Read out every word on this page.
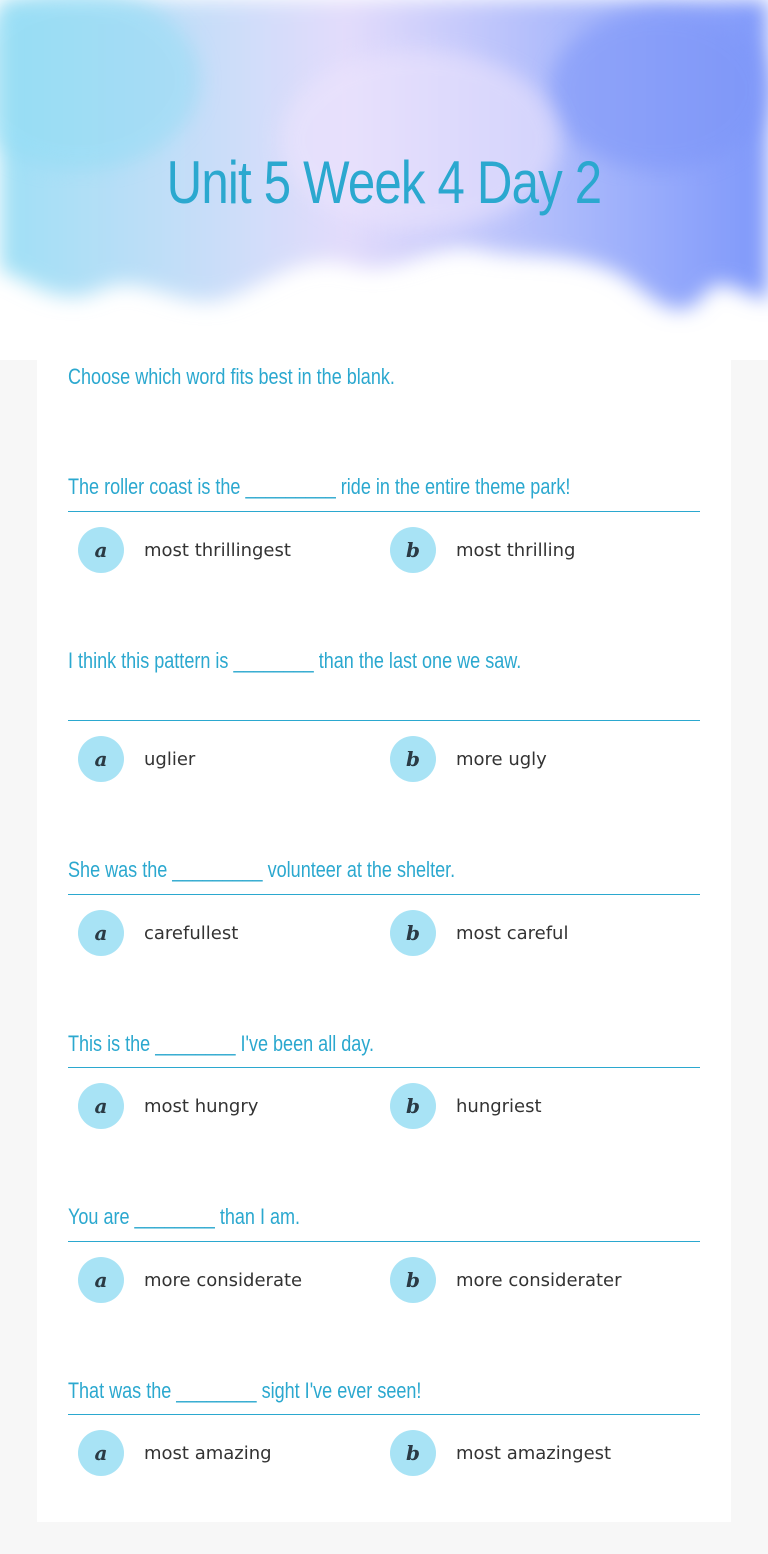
Unit 5 Week 4 Day 2
Choose which word fits best in the blank.
The roller coast is the _________ ride in the entire theme park!
a	most thrillingest	b	most thrilling
I think this pattern is ________ than the last one we saw.
a	uglier	b	more ugly
She was the _________ volunteer at the shelter.
a	carefullest	b	most careful
This is the ________ I've been all day.
a	most hungry	b	hungriest
You are ________ than I am.
a	more considerate	b	more considerater
That was the ________ sight I've ever seen!
a	most amazing	b	most amazingest
